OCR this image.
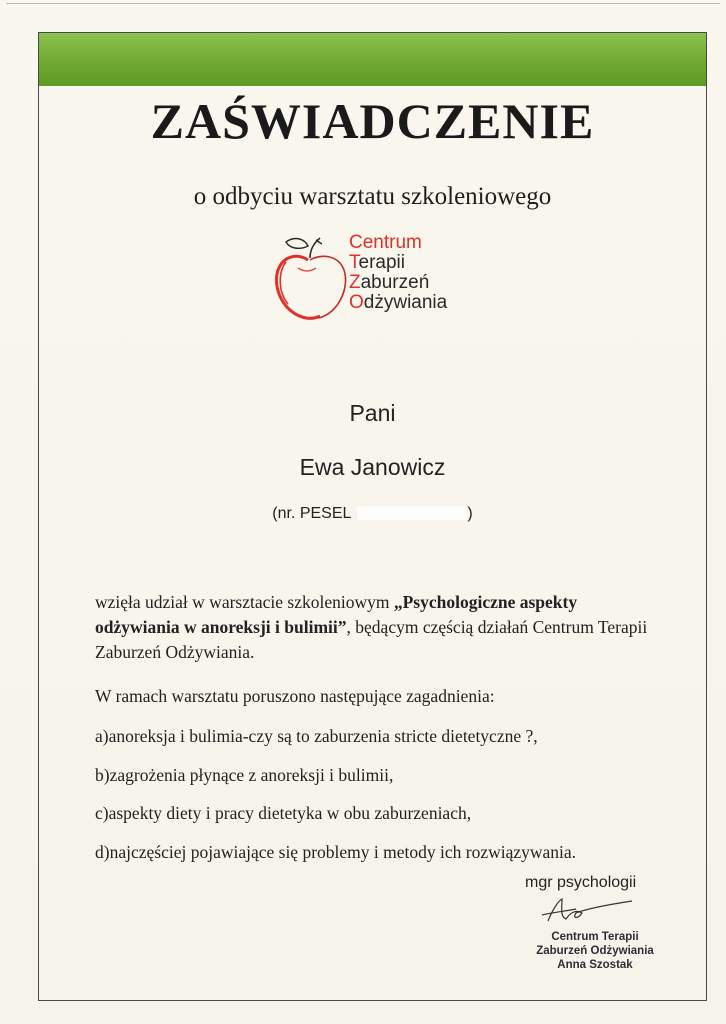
ZAŚWIADCZENIE
o odbyciu warsztatu szkoleniowego
Centrum
Terapii
Zaburzeń
Odżywiania
Pani
Ewa Janowicz
(nr. PESEL	)

wzięła udział w warsztacie szkoleniowym „Psychologiczne aspekty odżywiania w anoreksji i bulimii”, będącym częścią działań Centrum Terapii Zaburzeń Odżywiania.

W ramach warsztatu poruszono następujące zagadnienia:
a)anoreksja i bulimia-czy są to zaburzenia stricte dietetyczne ?,
b)zagrożenia płynące z anoreksji i bulimii,
c)aspekty diety i pracy dietetyka w obu zaburzeniach,
d)najczęściej pojawiające się problemy i metody ich rozwiązywania.
mgr psychologii
Centrum Terapii
Zaburzeń Odżywiania
Anna Szostak
